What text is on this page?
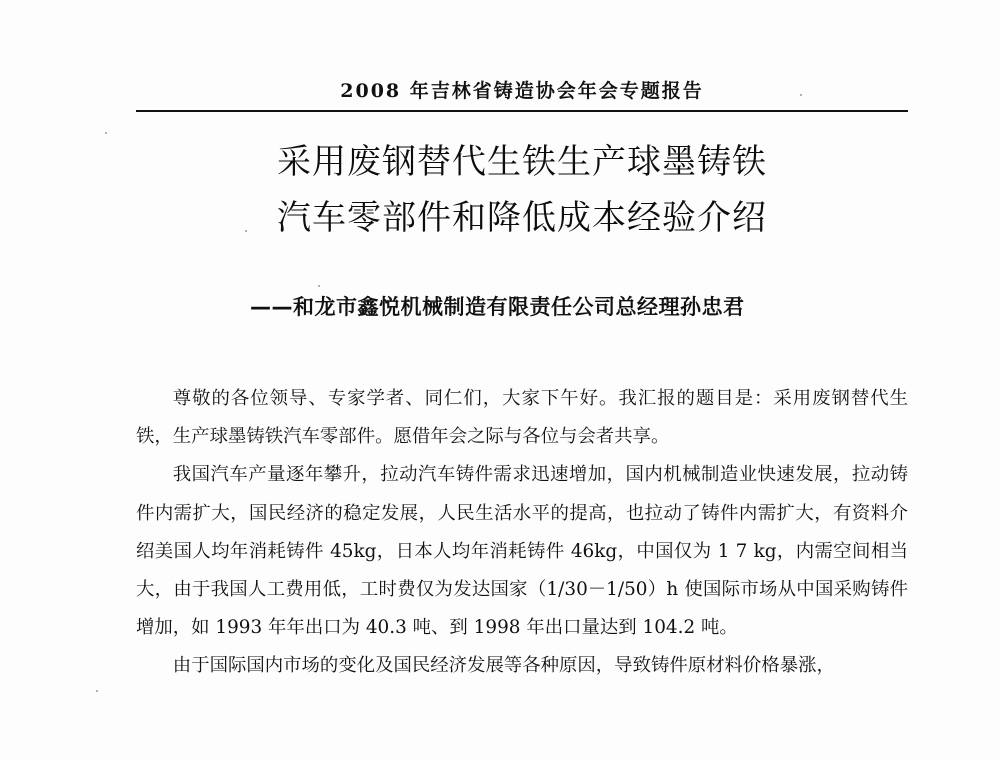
2008 年吉林省铸造协会年会专题报告
采用废钢替代生铁生产球墨铸铁
汽车零部件和降低成本经验介绍
——和龙市鑫悦机械制造有限责任公司总经理孙忠君

尊敬的各位领导、专家学者、同仁们，大家下午好。我汇报的题目是：采用废钢替代生铁，生产球墨铸铁汽车零部件。愿借年会之际与各位与会者共享。

我国汽车产量逐年攀升，拉动汽车铸件需求迅速增加，国内机械制造业快速发展，拉动铸件内需扩大，国民经济的稳定发展，人民生活水平的提高，也拉动了铸件内需扩大，有资料介绍美国人均年消耗铸件 45kg，日本人均年消耗铸件 46kg，中国仅为 1 7 kg，内需空间相当大，由于我国人工费用低，工时费仅为发达国家（1/30－1/50）h 使国际市场从中国采购铸件增加，如 1993 年年出口为 40.3 吨、到 1998 年出口量达到 104.2 吨。

由于国际国内市场的变化及国民经济发展等各种原因，导致铸件原材料价格暴涨，
